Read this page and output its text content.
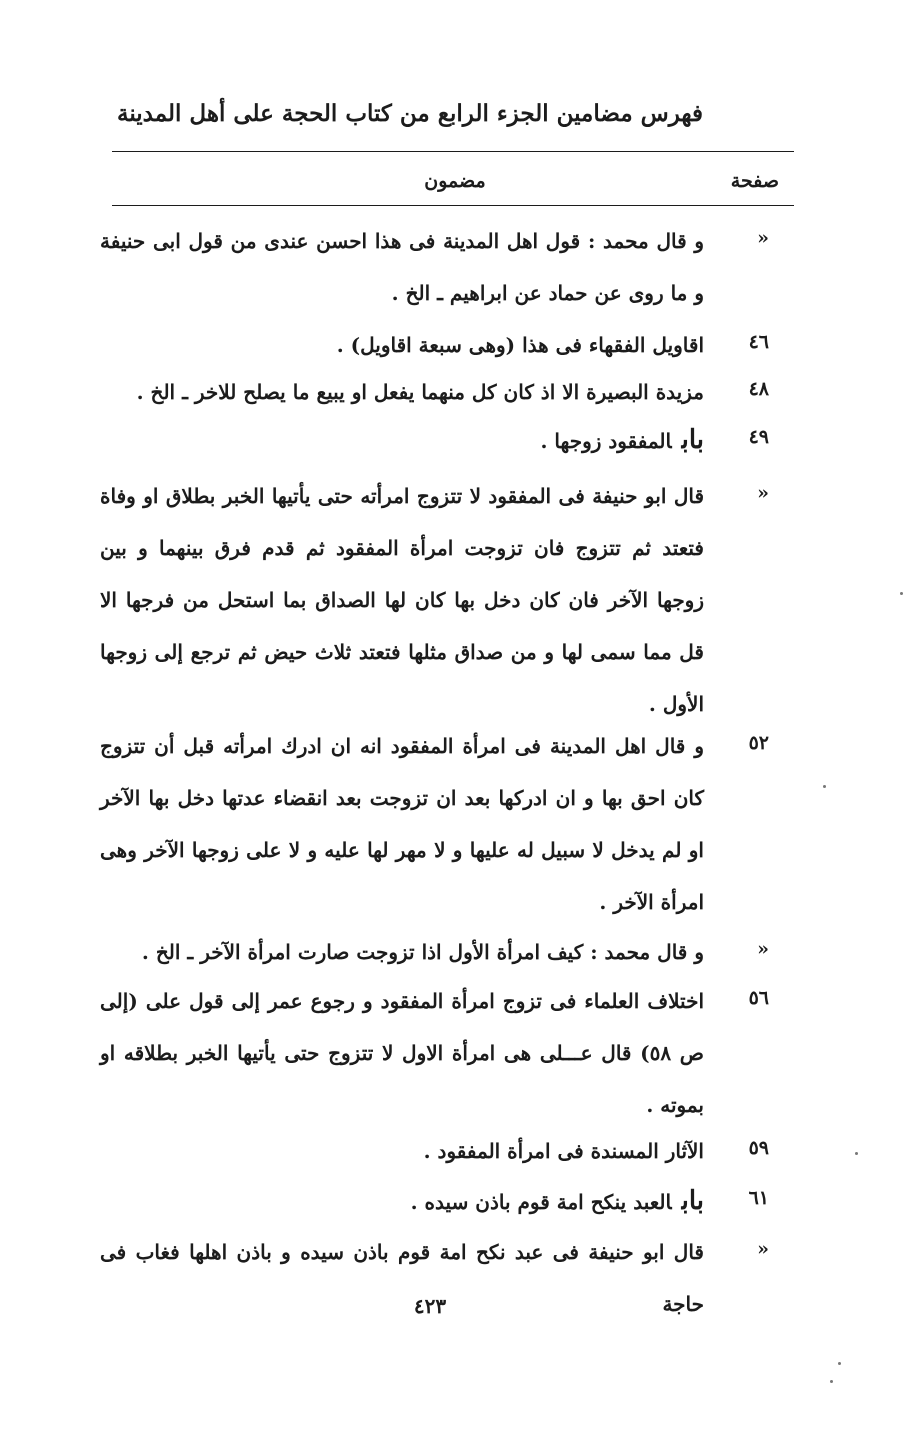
فهرس مضامين الجزء الرابع من كتاب الحجة على أهل المدينة
صفحة
مضمون
«
و قال محمد : قول اهل المدينة فى هذا احسن عندى من قول ابى حنيفة و ما روى عن حماد عن ابراهيم ـ الخ .
٤٦
اقاويل الفقهاء فى هذا (وهى سبعة اقاويل) .
٤٨
مزيدة البصيرة الا اذ كان كل منهما يفعل او يبيع ما يصلح للاخر ـ الخ .
٤٩
بابالمفقود زوجها .
«
قال ابو حنيفة فى المفقود لا تتزوج امرأته حتى يأتيها الخبر بطلاق او وفاة فتعتد ثم تتزوج فان تزوجت امرأة المفقود ثم قدم فرق بينهما و بين زوجها الآخر فان كان دخل بها كان لها الصداق بما استحل من فرجها الا قل مما سمى لها و من صداق مثلها فتعتد ثلاث حيض ثم ترجع إلى زوجها الأول .
٥٢
و قال اهل المدينة فى امرأة المفقود انه ان ادرك امرأته قبل أن تتزوج كان احق بها و ان ادركها بعد ان تزوجت بعد انقضاء عدتها دخل بها الآخر او لم يدخل لا سبيل له عليها و لا مهر لها عليه و لا على زوجها الآخر وهى امرأة الآخر .
«
و قال محمد : كيف امرأة الأول اذا تزوجت صارت امرأة الآخر ـ الخ .
٥٦
اختلاف العلماء فى تزوج امرأة المفقود و رجوع عمر إلى قول على (إلى ص ٥٨) قال عـــلى هى امرأة الاول لا تتزوج حتى يأتيها الخبر بطلاقه او بموته .
٥٩
الآثار المسندة فى امرأة المفقود .
٦١
بابالعبد ينكح امة قوم باذن سيده .
«
قال ابو حنيفة فى عبد نكح امة قوم باذن سيده و باذن اهلها فغاب فى حاجة
٤٢٣
